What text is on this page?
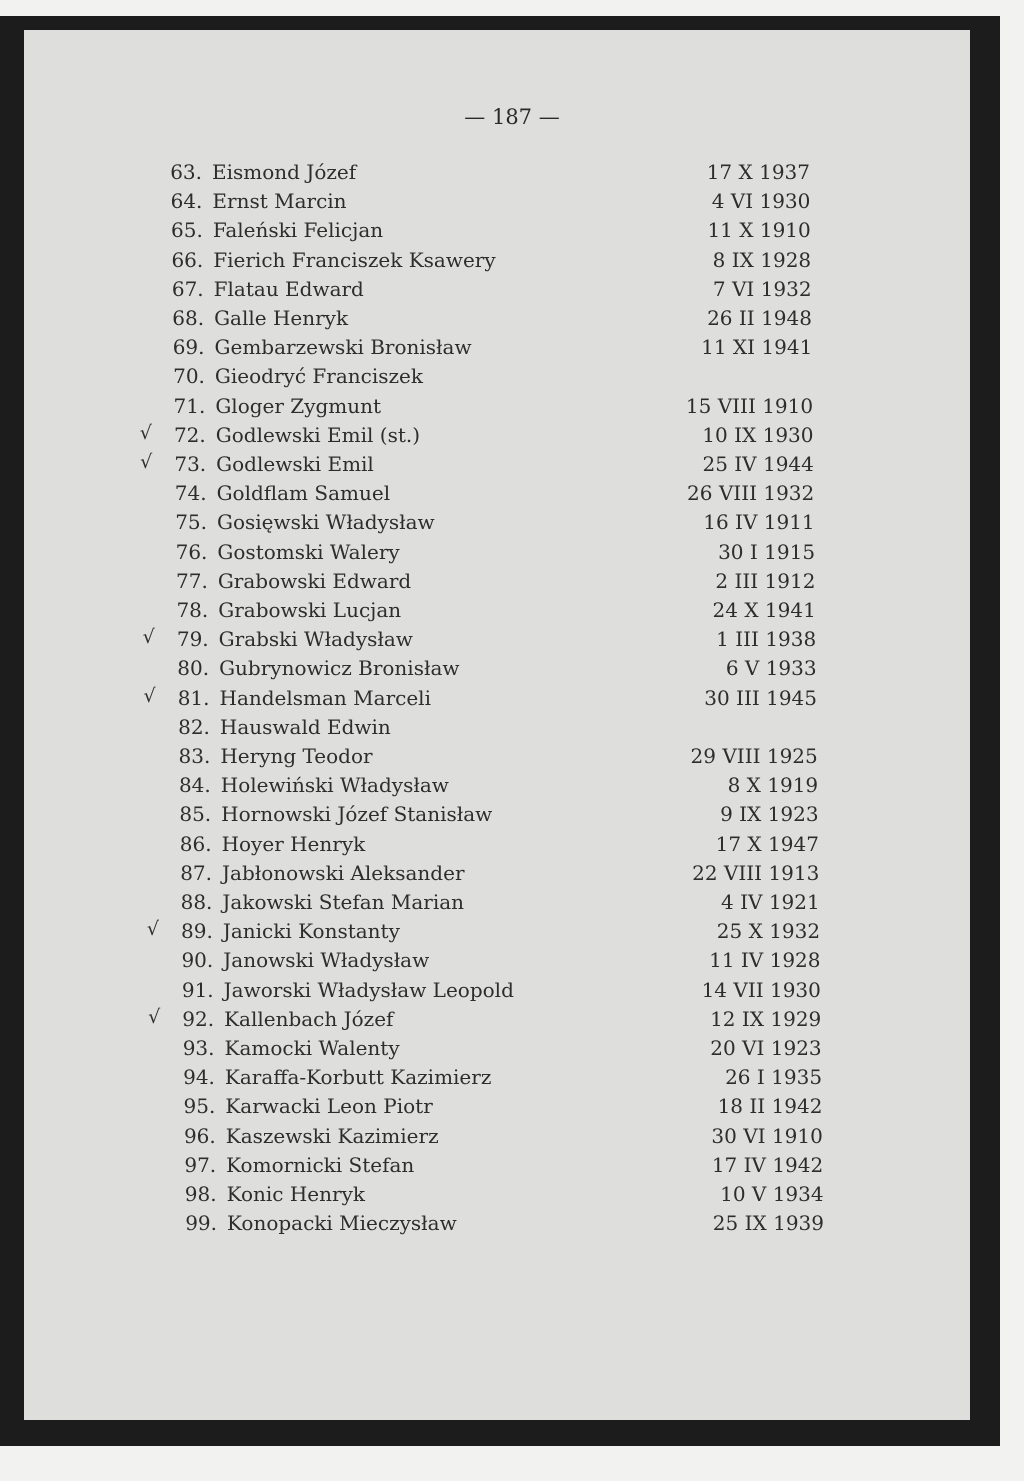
— 187 —
63. Eismond Józef	17 X 1937
64. Ernst Marcin	4 VI 1930
65. Faleński Felicjan	11 X 1910
66. Fierich Franciszek Ksawery	8 IX 1928
67. Flatau Edward	7 VI 1932
68. Galle Henryk	26 II 1948
69. Gembarzewski Bronisław	11 XI 1941
70. Gieodryć Franciszek
71. Gloger Zygmunt	15 VIII 1910
√	72. Godlewski Emil (st.)	10 IX 1930
√	73. Godlewski Emil	25 IV 1944
74. Goldflam Samuel	26 VIII 1932
75. Gosięwski Władysław	16 IV 1911
76. Gostomski Walery	30 I 1915
77. Grabowski Edward	2 III 1912
78. Grabowski Lucjan	24 X 1941
√	79. Grabski Władysław	1 III 1938
80. Gubrynowicz Bronisław	6 V 1933
√	81. Handelsman Marceli	30 III 1945
82. Hauswald Edwin
83. Heryng Teodor	29 VIII 1925
84. Holewiński Władysław	8 X 1919
85. Hornowski Józef Stanisław	9 IX 1923
86. Hoyer Henryk	17 X 1947
87. Jabłonowski Aleksander	22 VIII 1913
88. Jakowski Stefan Marian	4 IV 1921
√	89. Janicki Konstanty	25 X 1932
90. Janowski Władysław	11 IV 1928
91. Jaworski Władysław Leopold	14 VII 1930
√	92. Kallenbach Józef	12 IX 1929
93. Kamocki Walenty	20 VI 1923
94. Karaffa-Korbutt Kazimierz	26 I 1935
95. Karwacki Leon Piotr	18 II 1942
96. Kaszewski Kazimierz	30 VI 1910
97. Komornicki Stefan	17 IV 1942
98. Konic Henryk	10 V 1934
99. Konopacki Mieczysław	25 IX 1939
